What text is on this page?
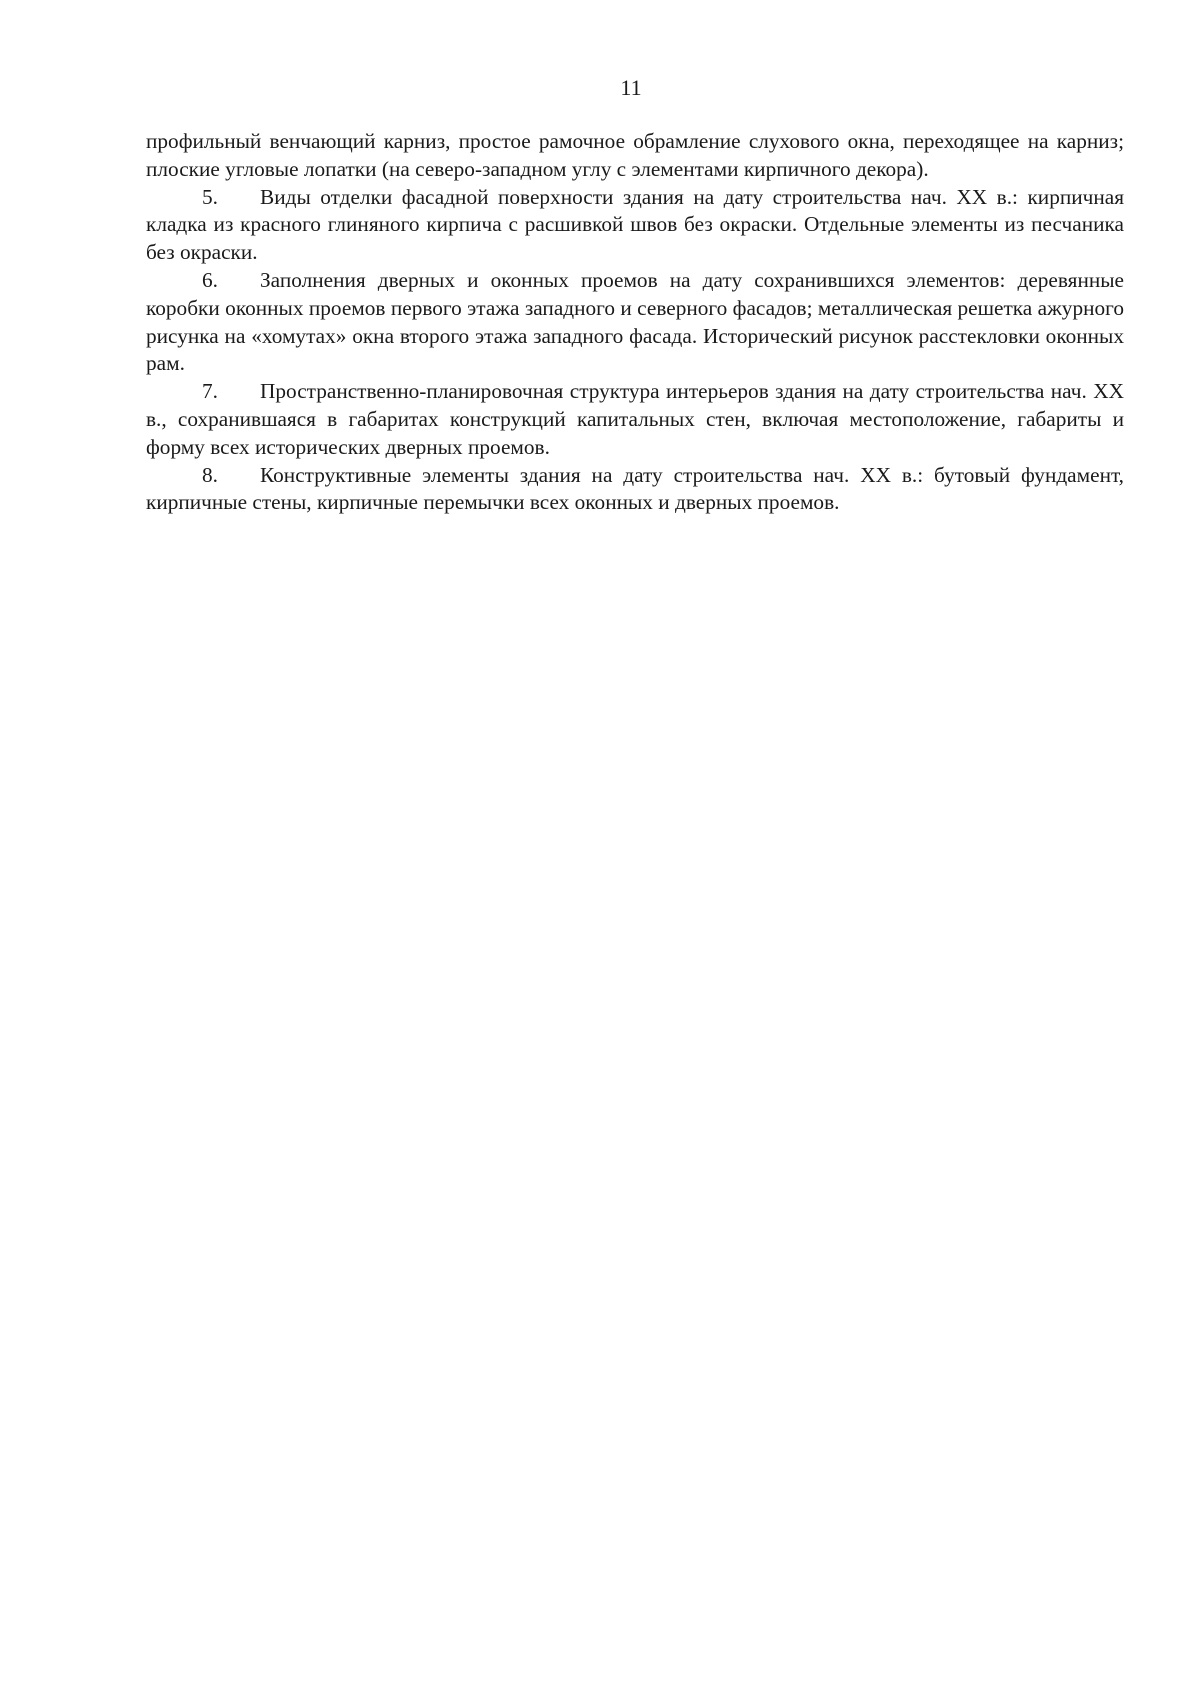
11

профильный венчающий карниз, простое рамочное обрамление слухового окна, переходящее на карниз; плоские угловые лопатки (на северо-западном углу с элементами кирпичного декора).

5. Виды отделки фасадной поверхности здания на дату строительства нач. XX в.: кирпичная кладка из красного глиняного кирпича с расшивкой швов без окраски. Отдельные элементы из песчаника без окраски.

6. Заполнения дверных и оконных проемов на дату сохранившихся элементов: деревянные коробки оконных проемов первого этажа западного и северного фасадов; металлическая решетка ажурного рисунка на «хомутах» окна второго этажа западного фасада. Исторический рисунок расстекловки оконных рам.

7. Пространственно-планировочная структура интерьеров здания на дату строительства нач. XX в., сохранившаяся в габаритах конструкций капитальных стен, включая местоположение, габариты и форму всех исторических дверных проемов.

8. Конструктивные элементы здания на дату строительства нач. XX в.: бутовый фундамент, кирпичные стены, кирпичные перемычки всех оконных и дверных проемов.
